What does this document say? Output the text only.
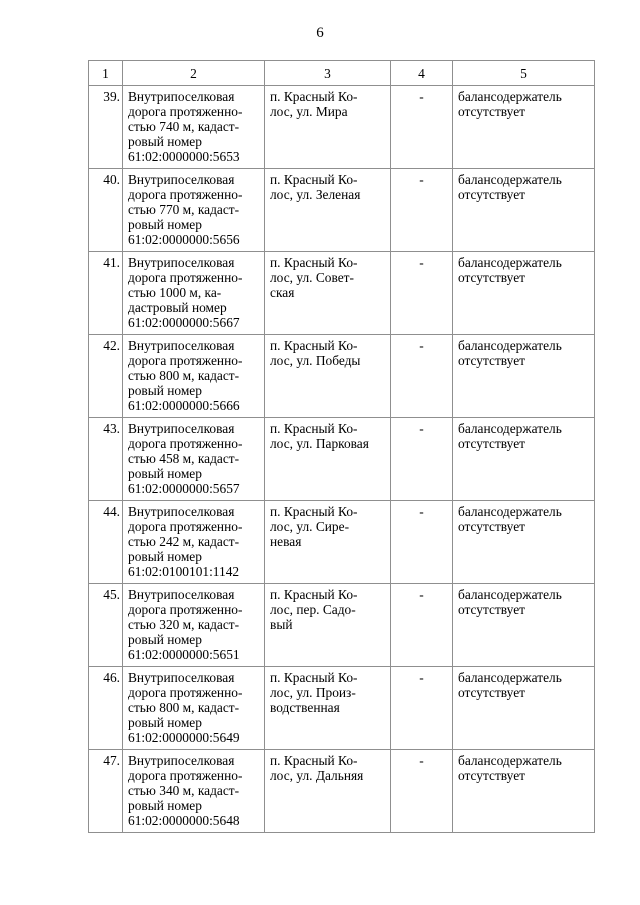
6
1	2	3	4	5
39.	Внутрипоселковая
дорога протяженно-
стью 740 м, кадаст-
ровый номер
61:02:0000000:5653	п. Красный Ко-
лос, ул. Мира	-	балансодержатель
отсутствует

40.	Внутрипоселковая
дорога протяженно-
стью 770 м, кадаст-
ровый номер
61:02:0000000:5656	п. Красный Ко-
лос, ул. Зеленая	-	балансодержатель
отсутствует

41.	Внутрипоселковая
дорога протяженно-
стью 1000 м, ка-
дастровый номер
61:02:0000000:5667	п. Красный Ко-
лос, ул. Совет-
ская	-	балансодержатель
отсутствует

42.	Внутрипоселковая
дорога протяженно-
стью 800 м, кадаст-
ровый номер
61:02:0000000:5666	п. Красный Ко-
лос, ул. Победы	-	балансодержатель
отсутствует

43.	Внутрипоселковая
дорога протяженно-
стью 458 м, кадаст-
ровый номер
61:02:0000000:5657	п. Красный Ко-
лос, ул. Парковая	-	балансодержатель
отсутствует

44.	Внутрипоселковая
дорога протяженно-
стью 242 м, кадаст-
ровый номер
61:02:0100101:1142	п. Красный Ко-
лос, ул. Сире-
невая	-	балансодержатель
отсутствует

45.	Внутрипоселковая
дорога протяженно-
стью 320 м, кадаст-
ровый номер
61:02:0000000:5651	п. Красный Ко-
лос, пер. Садо-
вый	-	балансодержатель
отсутствует

46.	Внутрипоселковая
дорога протяженно-
стью 800 м, кадаст-
ровый номер
61:02:0000000:5649	п. Красный Ко-
лос, ул. Произ-
водственная	-	балансодержатель
отсутствует

47.	Внутрипоселковая
дорога протяженно-
стью 340 м, кадаст-
ровый номер
61:02:0000000:5648	п. Красный Ко-
лос, ул. Дальняя	-	балансодержатель
отсутствует
